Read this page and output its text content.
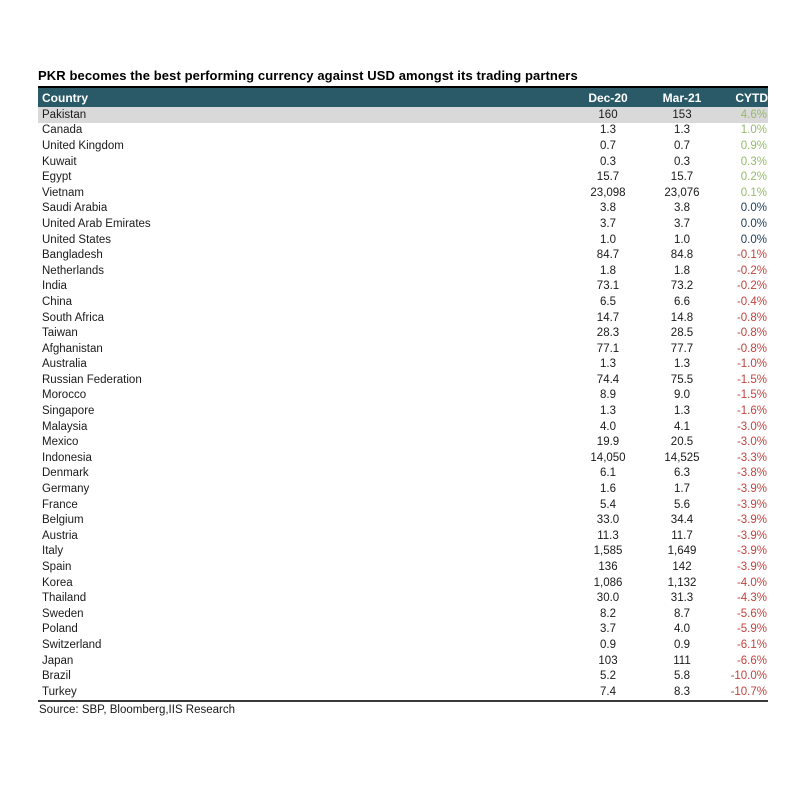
PKR becomes the best performing currency against USD amongst its trading partners
Country	Dec-20	Mar-21	CYTD
Pakistan	160	153	4.6%
Canada	1.3	1.3	1.0%
United Kingdom	0.7	0.7	0.9%
Kuwait	0.3	0.3	0.3%
Egypt	15.7	15.7	0.2%
Vietnam	23,098	23,076	0.1%
Saudi Arabia	3.8	3.8	0.0%
United Arab Emirates	3.7	3.7	0.0%
United States	1.0	1.0	0.0%
Bangladesh	84.7	84.8	-0.1%
Netherlands	1.8	1.8	-0.2%
India	73.1	73.2	-0.2%
China	6.5	6.6	-0.4%
South Africa	14.7	14.8	-0.8%
Taiwan	28.3	28.5	-0.8%
Afghanistan	77.1	77.7	-0.8%
Australia	1.3	1.3	-1.0%
Russian Federation	74.4	75.5	-1.5%
Morocco	8.9	9.0	-1.5%
Singapore	1.3	1.3	-1.6%
Malaysia	4.0	4.1	-3.0%
Mexico	19.9	20.5	-3.0%
Indonesia	14,050	14,525	-3.3%
Denmark	6.1	6.3	-3.8%
Germany	1.6	1.7	-3.9%
France	5.4	5.6	-3.9%
Belgium	33.0	34.4	-3.9%
Austria	11.3	11.7	-3.9%
Italy	1,585	1,649	-3.9%
Spain	136	142	-3.9%
Korea	1,086	1,132	-4.0%
Thailand	30.0	31.3	-4.3%
Sweden	8.2	8.7	-5.6%
Poland	3.7	4.0	-5.9%
Switzerland	0.9	0.9	-6.1%
Japan	103	111	-6.6%
Brazil	5.2	5.8	-10.0%
Turkey	7.4	8.3	-10.7%
Source: SBP, Bloomberg,IIS Research
